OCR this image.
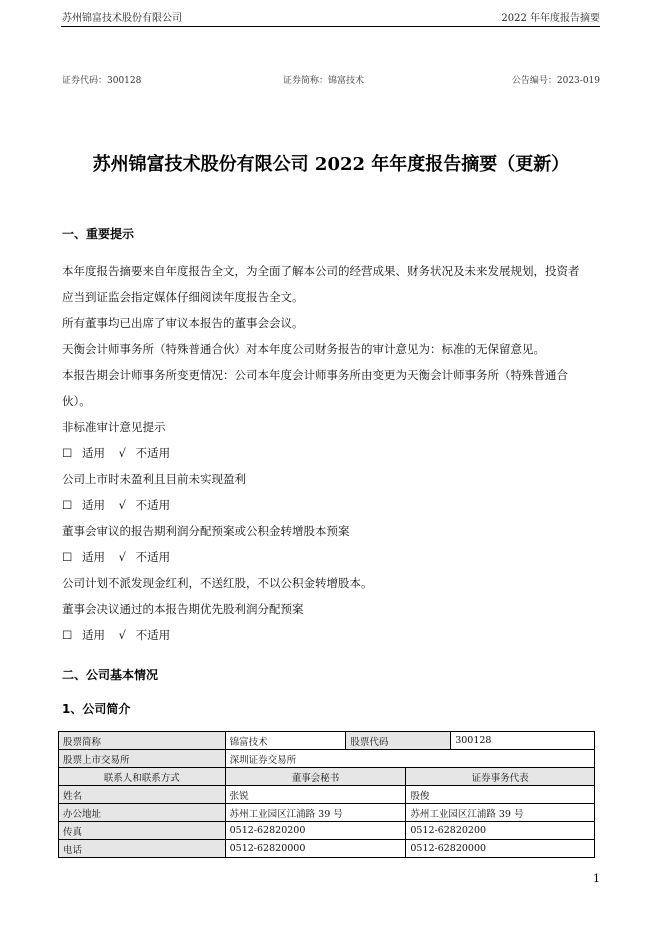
苏州锦富技术股份有限公司	2022 年年度报告摘要
证券代码：300128	证券简称：锦富技术	公告编号：2023-019
苏州锦富技术股份有限公司 2022 年年度报告摘要（更新）
一、重要提示
本年度报告摘要来自年度报告全文，为全面了解本公司的经营成果、财务状况及未来发展规划，投资者
应当到证监会指定媒体仔细阅读年度报告全文。
所有董事均已出席了审议本报告的董事会会议。
天衡会计师事务所（特殊普通合伙）对本年度公司财务报告的审计意见为：标准的无保留意见。
本报告期会计师事务所变更情况：公司本年度会计师事务所由变更为天衡会计师事务所（特殊普通合
伙）。
非标准审计意见提示
☐ 适用 √ 不适用
公司上市时未盈利且目前未实现盈利
☐ 适用 √ 不适用
董事会审议的报告期利润分配预案或公积金转增股本预案
☐ 适用 √ 不适用
公司计划不派发现金红利，不送红股，不以公积金转增股本。
董事会决议通过的本报告期优先股利润分配预案
☐ 适用 √ 不适用
二、公司基本情况
1、公司简介
股票简称	锦富技术	股票代码		300128
股票上市交易所	深圳证券交易所			
联系人和联系方式	董事会秘书		证券事务代表	
姓名	张锐		殷俊	
办公地址	苏州工业园区江浦路 39 号		苏州工业园区江浦路 39 号	
传真	0512-62820200		0512-62820200	
电话	0512-62820000		0512-62820000	
1
